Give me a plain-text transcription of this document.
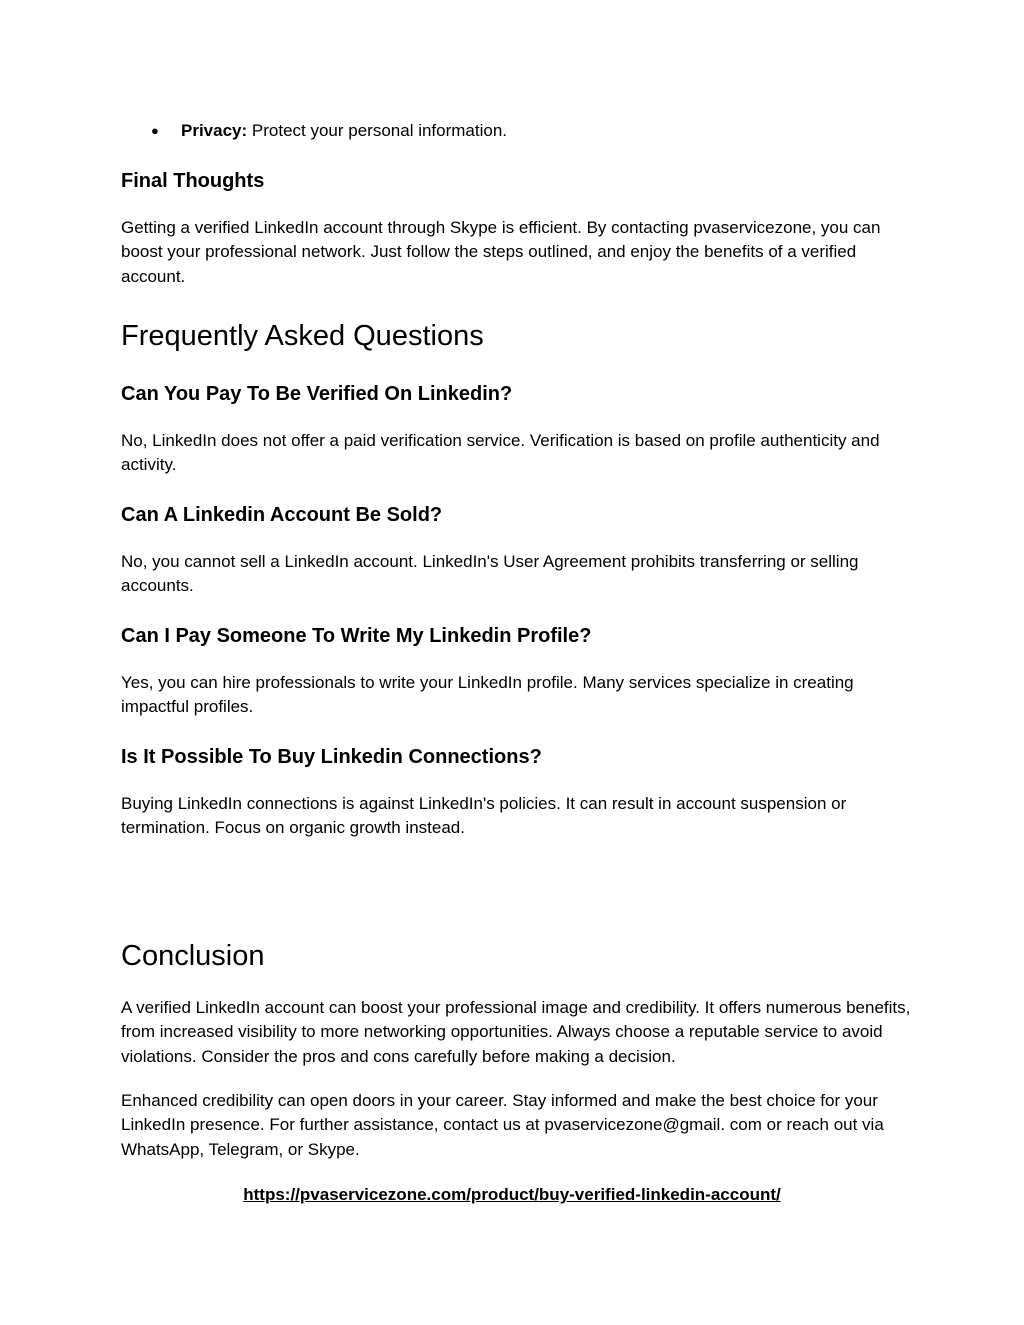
● Privacy: Protect your personal information.
Final Thoughts

Getting a verified LinkedIn account through Skype is efficient. By contacting pvaservicezone, you can boost your professional network. Just follow the steps outlined, and enjoy the benefits of a verified account.

Frequently Asked Questions
Can You Pay To Be Verified On Linkedin?

No, LinkedIn does not offer a paid verification service. Verification is based on profile authenticity and activity.

Can A Linkedin Account Be Sold?

No, you cannot sell a LinkedIn account. LinkedIn's User Agreement prohibits transferring or selling accounts.

Can I Pay Someone To Write My Linkedin Profile?

Yes, you can hire professionals to write your LinkedIn profile. Many services specialize in creating impactful profiles.

Is It Possible To Buy Linkedin Connections?

Buying LinkedIn connections is against LinkedIn's policies. It can result in account suspension or termination. Focus on organic growth instead.

Conclusion

A verified LinkedIn account can boost your professional image and credibility. It offers numerous benefits, from increased visibility to more networking opportunities. Always choose a reputable service to avoid violations. Consider the pros and cons carefully before making a decision.

Enhanced credibility can open doors in your career. Stay informed and make the best choice for your LinkedIn presence. For further assistance, contact us at pvaservicezone@gmail. com or reach out via WhatsApp, Telegram, or Skype.

https://pvaservicezone.com/product/buy-verified-linkedin-account/
